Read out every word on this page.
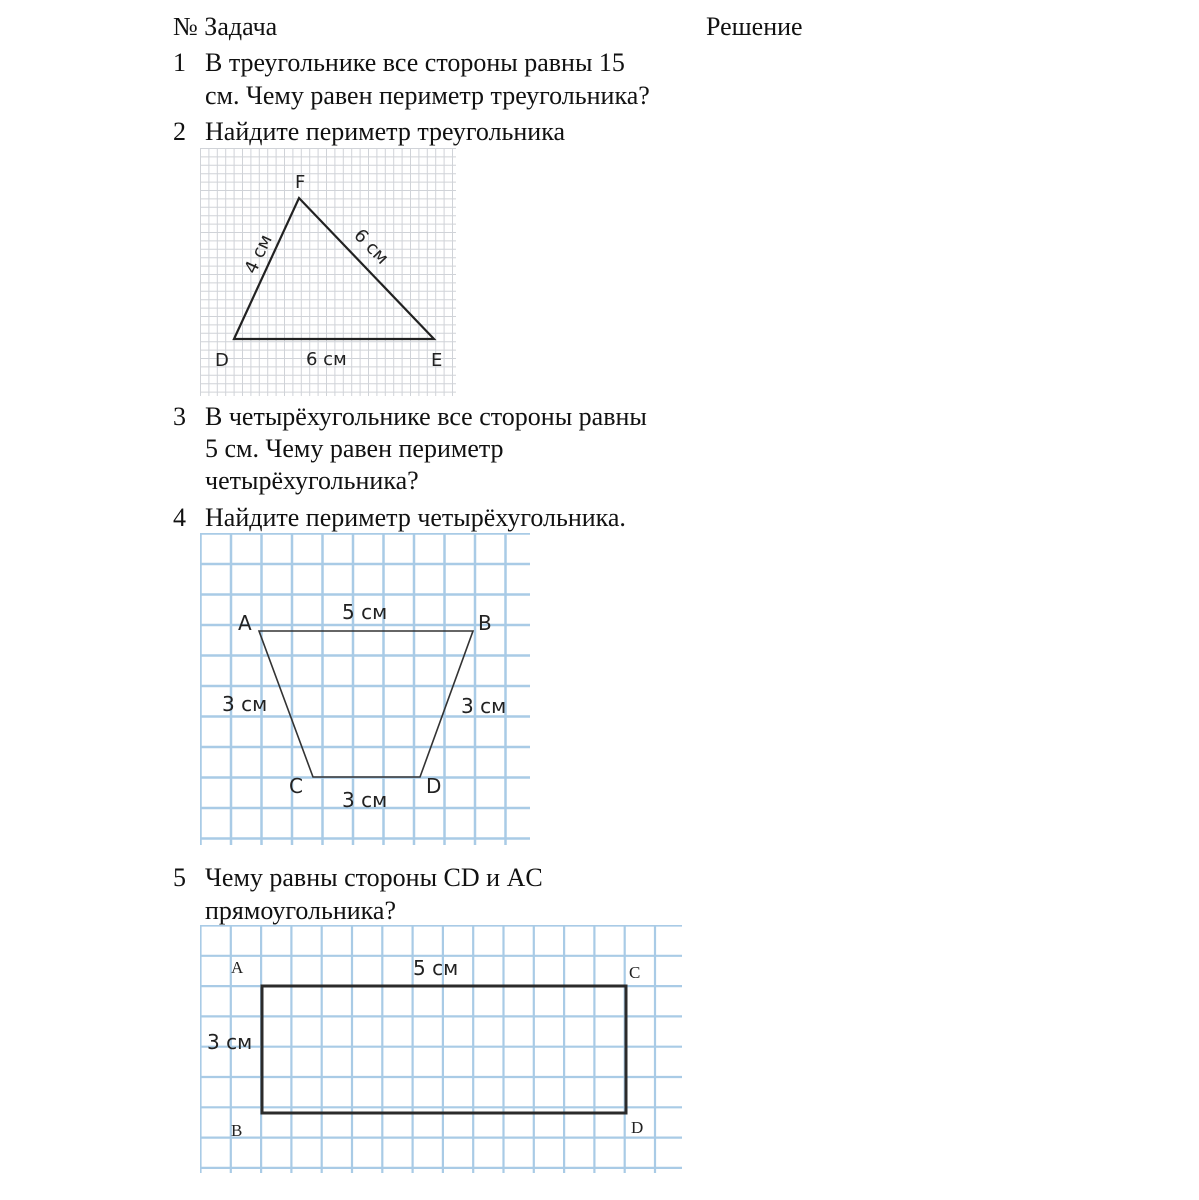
№ Задача	Решение
1 В треугольнике все стороны равны 15
см. Чему равен периметр треугольника?
2 Найдите периметр треугольника
F
D	E
4 см	6 см
6 см
3 В четырёхугольнике все стороны равны
5 см. Чему равен периметр
четырёхугольника?
4 Найдите периметр четырёхугольника.
A	B
C	D
5 см
3 см	3 см
3 см
5 Чему равны стороны CD и AC
прямоугольника?
A	C
B	D
5 см
3 см
